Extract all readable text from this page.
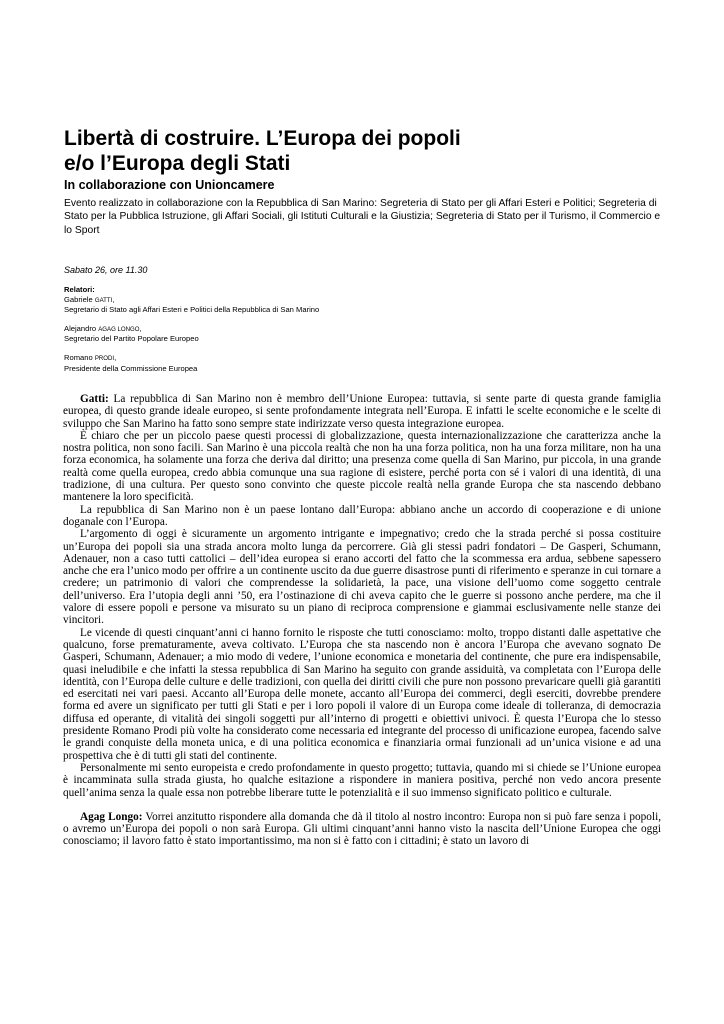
Libertà di costruire. L’Europa dei popoli
e/o l’Europa degli Stati

In collaborazione con Unioncamere

Evento realizzato in collaborazione con la Repubblica di San Marino: Segreteria di Stato per gli Affari Esteri e Politici; Segreteria di Stato per la Pubblica Istruzione, gli Affari Sociali, gli Istituti Culturali e la Giustizia; Segreteria di Stato per il Turismo, il Commercio e lo Sport

Sabato 26, ore 11.30

Relatori:
Gabriele GATTI,
Segretario di Stato agli Affari Esteri e Politici della Repubblica di San Marino
Alejandro AGAG LONGO,
Segretario del Partito Popolare Europeo
Romano PRODI,
Presidente della Commissione Europea

Gatti: La repubblica di San Marino non è membro dell’Unione Europea: tuttavia, si sente parte di questa grande famiglia europea, di questo grande ideale europeo, si sente profondamente integrata nell’Europa. E infatti le scelte economiche e le scelte di sviluppo che San Marino ha fatto sono sempre state indirizzate verso questa integrazione europea.

È chiaro che per un piccolo paese questi processi di globalizzazione, questa internazionalizzazione che caratterizza anche la nostra politica, non sono facili. San Marino è una piccola realtà che non ha una forza politica, non ha una forza militare, non ha una forza economica, ha solamente una forza che deriva dal diritto; una presenza come quella di San Marino, pur piccola, in una grande realtà come quella europea, credo abbia comunque una sua ragione di esistere, perché porta con sé i valori di una identità, di una tradizione, di una cultura. Per questo sono convinto che queste piccole realtà nella grande Europa che sta nascendo debbano mantenere la loro specificità.

La repubblica di San Marino non è un paese lontano dall’Europa: abbiano anche un accordo di cooperazione e di unione doganale con l’Europa.

L’argomento di oggi è sicuramente un argomento intrigante e impegnativo; credo che la strada perché si possa costituire un’Europa dei popoli sia una strada ancora molto lunga da percorrere. Già gli stessi padri fondatori – De Gasperi, Schumann, Adenauer, non a caso tutti cattolici – dell’idea europea si erano accorti del fatto che la scommessa era ardua, sebbene sapessero anche che era l’unico modo per offrire a un continente uscito da due guerre disastrose punti di riferimento e speranze in cui tornare a credere; un patrimonio di valori che comprendesse la solidarietà, la pace, una visione dell’uomo come soggetto centrale dell’universo. Era l’utopia degli anni ’50, era l’ostinazione di chi aveva capito che le guerre si possono anche perdere, ma che il valore di essere popoli e persone va misurato su un piano di reciproca comprensione e giammai esclusivamente nelle stanze dei vincitori.

Le vicende di questi cinquant’anni ci hanno fornito le risposte che tutti conosciamo: molto, troppo distanti dalle aspettative che qualcuno, forse prematuramente, aveva coltivato. L’Europa che sta nascendo non è ancora l’Europa che avevano sognato De Gasperi, Schumann, Adenauer; a mio modo di vedere, l’unione economica e monetaria del continente, che pure era indispensabile, quasi ineludibile e che infatti la stessa repubblica di San Marino ha seguito con grande assiduità, va completata con l’Europa delle identità, con l’Europa delle culture e delle tradizioni, con quella dei diritti civili che pure non possono prevaricare quelli già garantiti ed esercitati nei vari paesi. Accanto all’Europa delle monete, accanto all’Europa dei commerci, degli eserciti, dovrebbe prendere forma ed avere un significato per tutti gli Stati e per i loro popoli il valore di un Europa come ideale di tolleranza, di democrazia diffusa ed operante, di vitalità dei singoli soggetti pur all’interno di progetti e obiettivi univoci. È questa l’Europa che lo stesso presidente Romano Prodi più volte ha considerato come necessaria ed integrante del processo di unificazione europea, facendo salve le grandi conquiste della moneta unica, e di una politica economica e finanziaria ormai funzionali ad un’unica visione e ad una prospettiva che è di tutti gli stati del continente.

Personalmente mi sento europeista e credo profondamente in questo progetto; tuttavia, quando mi si chiede se l’Unione europea è incamminata sulla strada giusta, ho qualche esitazione a rispondere in maniera positiva, perché non vedo ancora presente quell’anima senza la quale essa non potrebbe liberare tutte le potenzialità e il suo immenso significato politico e culturale.

Agag Longo: Vorrei anzitutto rispondere alla domanda che dà il titolo al nostro incontro: Europa non si può fare senza i popoli, o avremo un’Europa dei popoli o non sarà Europa. Gli ultimi cinquant’anni hanno visto la nascita dell’Unione Europea che oggi conosciamo; il lavoro fatto è stato importantissimo, ma non si è fatto con i cittadini; è stato un lavoro di
